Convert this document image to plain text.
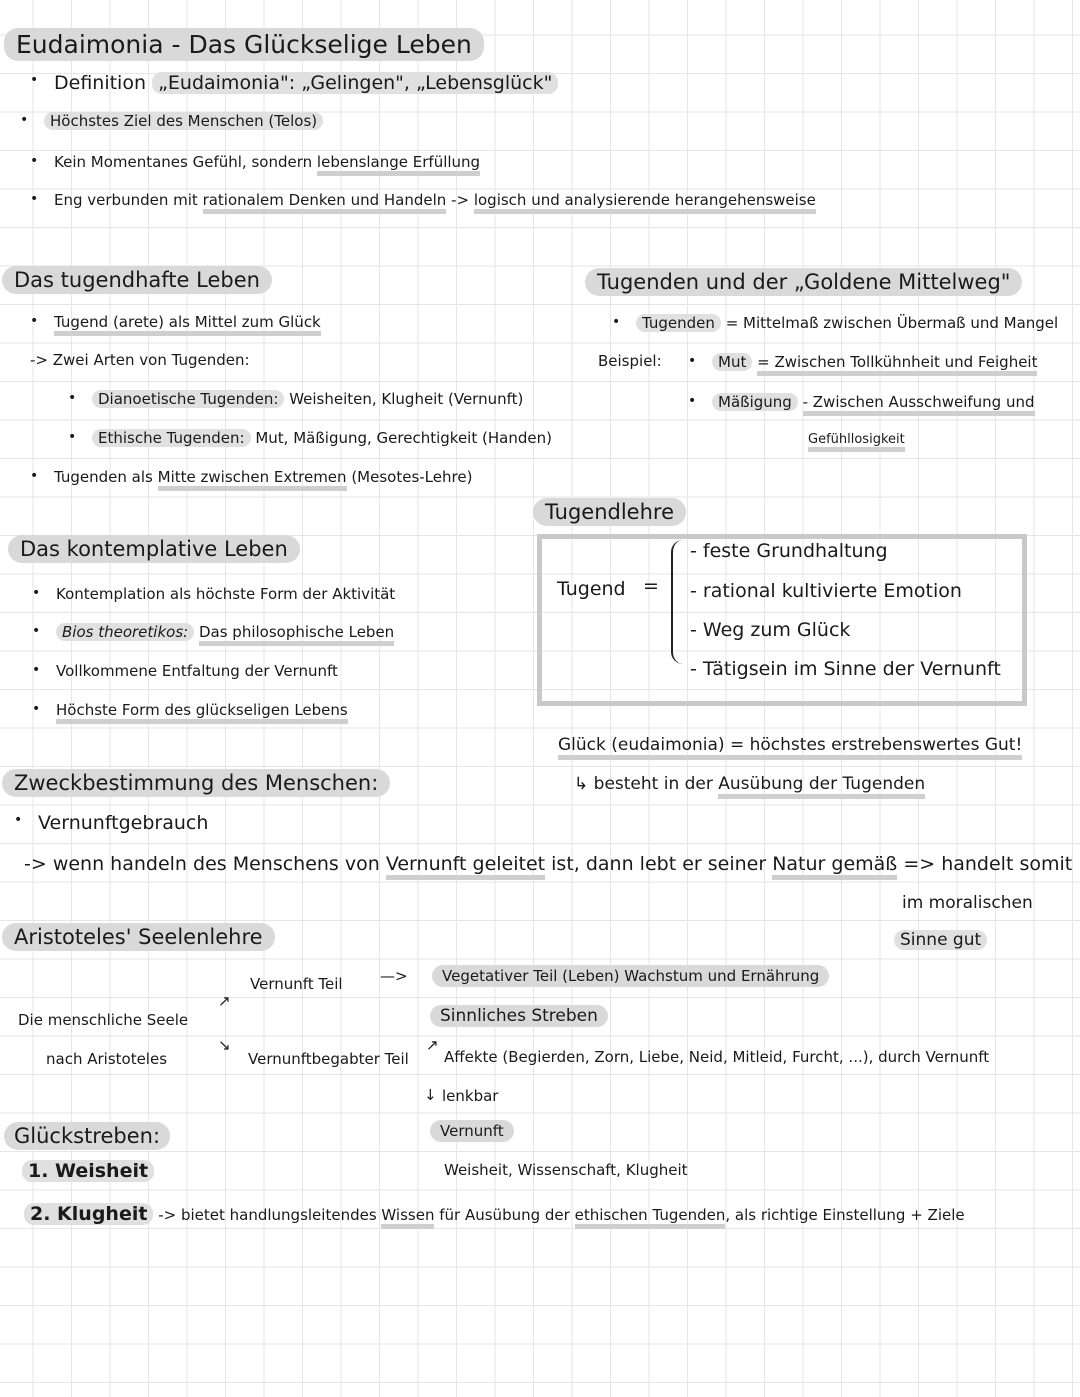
Eudaimonia - Das Glückselige Leben
• Definition „Eudaimonia": „Gelingen", „Lebensglück"
• Höchstes Ziel des Menschen (Telos)
• Kein Momentanes Gefühl, sondern lebenslange Erfüllung
• Eng verbunden mit rationalem Denken und Handeln -> logisch und analysierende herangehensweise
Das tugendhafte Leben
• Tugend (arete) als Mittel zum Glück
-> Zwei Arten von Tugenden:
• Dianoetische Tugenden: Weisheiten, Klugheit (Vernunft)
• Ethische Tugenden: Mut, Mäßigung, Gerechtigkeit (Handen)
• Tugenden als Mitte zwischen Extremen (Mesotes-Lehre)
Tugenden und der „Goldene Mittelweg"
• Tugenden = Mittelmaß zwischen Übermaß und Mangel
Beispiel:
•	Mut = Zwischen Tollkühnheit und Feigheit
• Mäßigung - Zwischen Ausschweifung und
Gefühllosigkeit
Tugendlehre
Tugend =
- feste Grundhaltung
- rational kultivierte Emotion
- Weg zum Glück
- Tätigsein im Sinne der Vernunft
Glück (eudaimonia) = höchstes erstrebenswertes Gut!
↳ besteht in der Ausübung der Tugenden
Das kontemplative Leben
• Kontemplation als höchste Form der Aktivität
• Bios theoretikos: Das philosophische Leben
• Vollkommene Entfaltung der Vernunft
• Höchste Form des glückseligen Lebens
Zweckbestimmung des Menschen:
• Vernunftgebrauch
-> wenn handeln des Menschens von Vernunft geleitet ist, dann lebt er seiner Natur gemäß => handelt somit
im moralischen
Sinne gut
Aristoteles' Seelenlehre
Die menschliche Seele
nach Aristoteles
↗
↘
Vernunft Teil —>	Vegetativer Teil (Leben) Wachstum und Ernährung
Sinnliches Streben
Vernunftbegabter Teil
↗
Affekte (Begierden, Zorn, Liebe, Neid, Mitleid, Furcht, ...), durch Vernunft
↓ lenkbar
Vernunft
Weisheit, Wissenschaft, Klugheit
Glückstreben:
1. Weisheit
2. Klugheit -> bietet handlungsleitendes Wissen für Ausübung der ethischen Tugenden, als richtige Einstellung + Ziele
